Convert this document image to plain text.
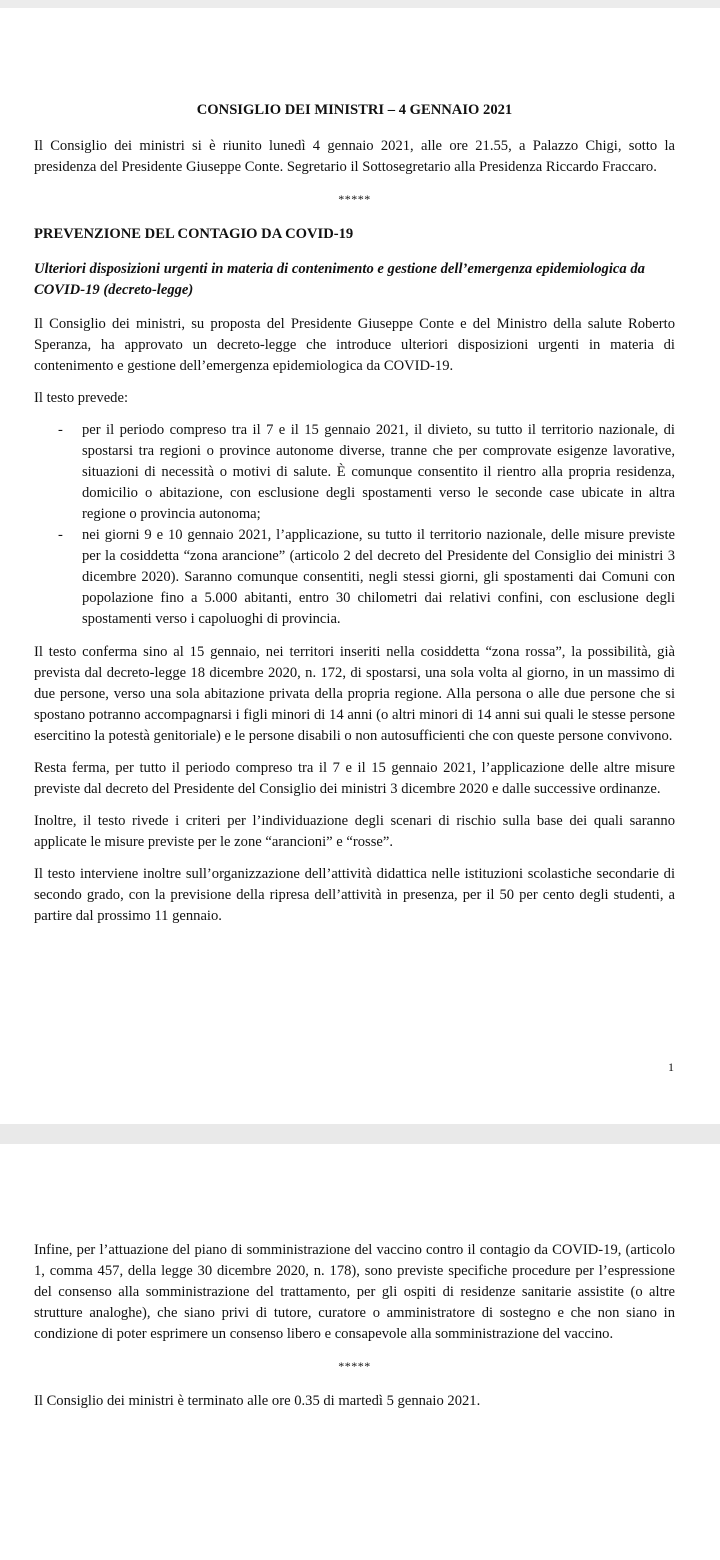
CONSIGLIO DEI MINISTRI – 4 GENNAIO 2021

Il Consiglio dei ministri si è riunito lunedì 4 gennaio 2021, alle ore 21.55, a Palazzo Chigi, sotto la presidenza del Presidente Giuseppe Conte. Segretario il Sottosegretario alla Presidenza Riccardo Fraccaro.

*****

PREVENZIONE DEL CONTAGIO DA COVID-19

Ulteriori disposizioni urgenti in materia di contenimento e gestione dell’emergenza epidemiologica da COVID-19 (decreto-legge)

Il Consiglio dei ministri, su proposta del Presidente Giuseppe Conte e del Ministro della salute Roberto Speranza, ha approvato un decreto-legge che introduce ulteriori disposizioni urgenti in materia di contenimento e gestione dell’emergenza epidemiologica da COVID-19.

Il testo prevede:

- per il periodo compreso tra il 7 e il 15 gennaio 2021, il divieto, su tutto il territorio nazionale, di spostarsi tra regioni o province autonome diverse, tranne che per comprovate esigenze lavorative, situazioni di necessità o motivi di salute. È comunque consentito il rientro alla propria residenza, domicilio o abitazione, con esclusione degli spostamenti verso le seconde case ubicate in altra regione o provincia autonoma;
- nei giorni 9 e 10 gennaio 2021, l’applicazione, su tutto il territorio nazionale, delle misure previste per la cosiddetta “zona arancione” (articolo 2 del decreto del Presidente del Consiglio dei ministri 3 dicembre 2020). Saranno comunque consentiti, negli stessi giorni, gli spostamenti dai Comuni con popolazione fino a 5.000 abitanti, entro 30 chilometri dai relativi confini, con esclusione degli spostamenti verso i capoluoghi di provincia.

Il testo conferma sino al 15 gennaio, nei territori inseriti nella cosiddetta “zona rossa”, la possibilità, già prevista dal decreto-legge 18 dicembre 2020, n. 172, di spostarsi, una sola volta al giorno, in un massimo di due persone, verso una sola abitazione privata della propria regione. Alla persona o alle due persone che si spostano potranno accompagnarsi i figli minori di 14 anni (o altri minori di 14 anni sui quali le stesse persone esercitino la potestà genitoriale) e le persone disabili o non autosufficienti che con queste persone convivono.

Resta ferma, per tutto il periodo compreso tra il 7 e il 15 gennaio 2021, l’applicazione delle altre misure previste dal decreto del Presidente del Consiglio dei ministri 3 dicembre 2020 e dalle successive ordinanze.

Inoltre, il testo rivede i criteri per l’individuazione degli scenari di rischio sulla base dei quali saranno applicate le misure previste per le zone “arancioni” e “rosse”.

Il testo interviene inoltre sull’organizzazione dell’attività didattica nelle istituzioni scolastiche secondarie di secondo grado, con la previsione della ripresa dell’attività in presenza, per il 50 per cento degli studenti, a partire dal prossimo 11 gennaio.

1

Infine, per l’attuazione del piano di somministrazione del vaccino contro il contagio da COVID-19, (articolo 1, comma 457, della legge 30 dicembre 2020, n. 178), sono previste specifiche procedure per l’espressione del consenso alla somministrazione del trattamento, per gli ospiti di residenze sanitarie assistite (o altre strutture analoghe), che siano privi di tutore, curatore o amministratore di sostegno e che non siano in condizione di poter esprimere un consenso libero e consapevole alla somministrazione del vaccino.

*****

Il Consiglio dei ministri è terminato alle ore 0.35 di martedì 5 gennaio 2021.
